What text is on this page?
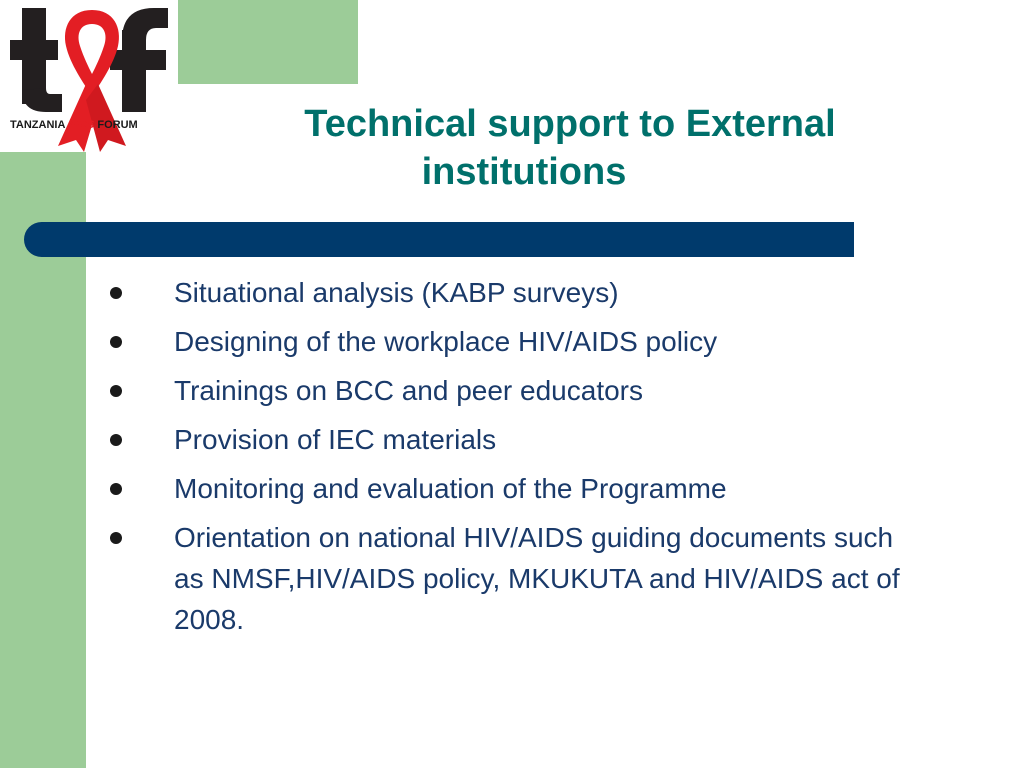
TANZANIA AIDS FORUM	Technical support to External
institutions
Situational analysis (KABP surveys)
Designing of the workplace HIV/AIDS policy
Trainings on BCC and peer educators
Provision of IEC materials
Monitoring and evaluation of the Programme
Orientation on national HIV/AIDS guiding documents such as NMSF,HIV/AIDS policy, MKUKUTA and HIV/AIDS act of 2008.
